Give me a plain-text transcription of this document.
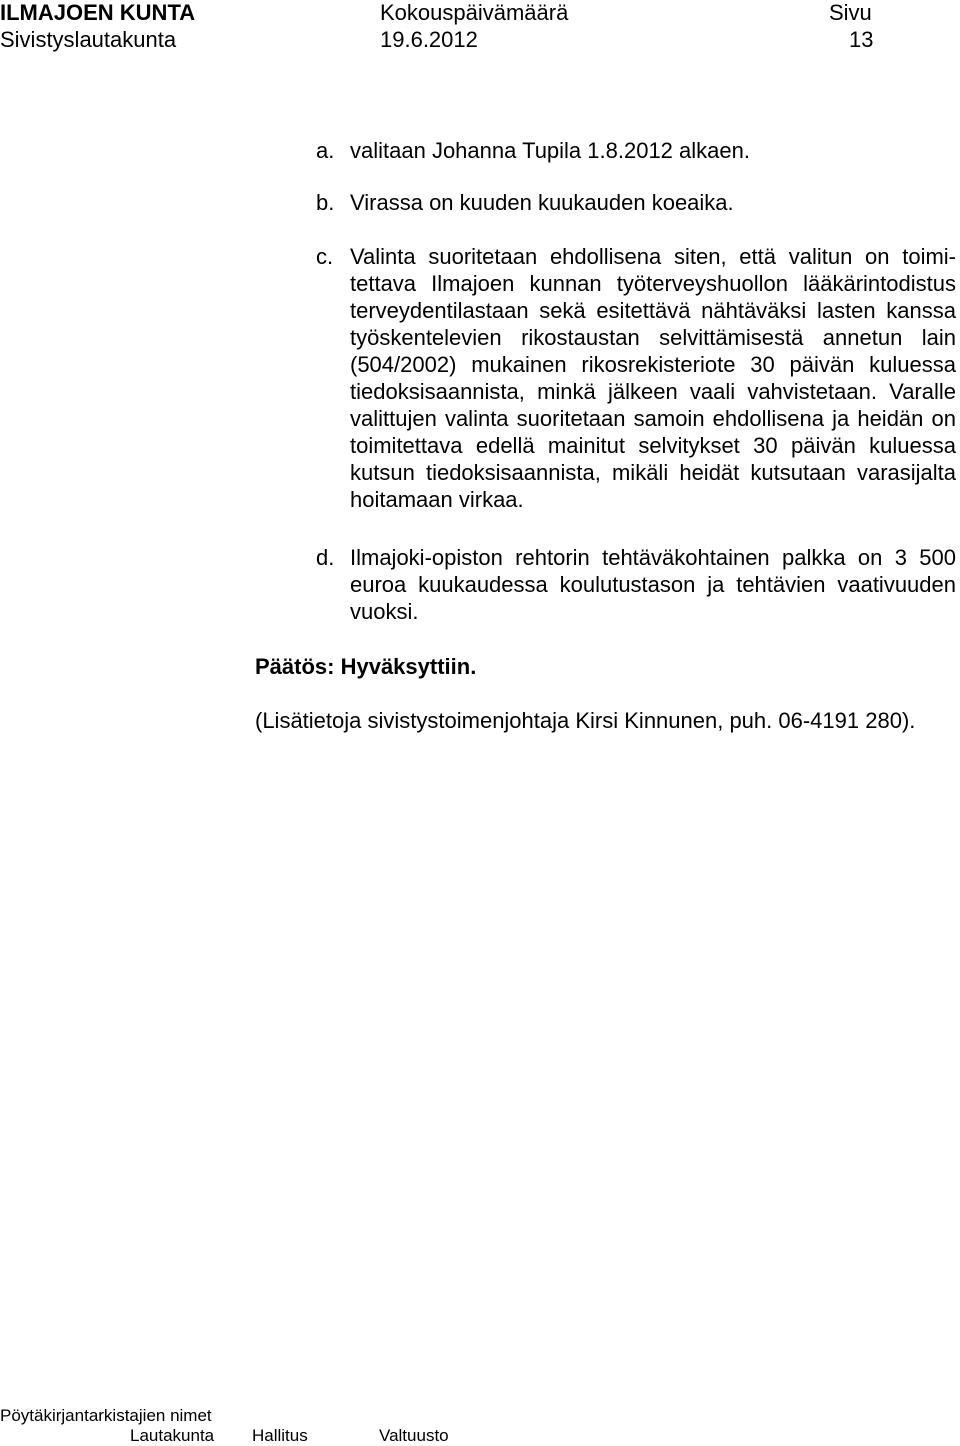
ILMAJOEN KUNTA
Sivistyslautakunta
Kokouspäivämäärä
19.6.2012
Sivu
13
a. valitaan Johanna Tupila 1.8.2012 alkaen.
b. Virassa on kuuden kuukauden koeaika.
c. Valinta suoritetaan ehdollisena siten, että valitun on toimitettava Ilmajoen kunnan työterveyshuollon lääkärintodistus terveydentilastaan sekä esitettävä nähtäväksi lasten kanssa työskentelevien rikostaustan selvittämisestä annetun lain (504/2002) mukainen rikosrekisteriote 30 päivän kuluessa tiedoksisaannista, minkä jälkeen vaali vahvistetaan. Varalle valittujen valinta suoritetaan samoin ehdollisena ja heidän on toimitettava edellä mainitut selvitykset 30 päivän kuluessa kutsun tiedoksisaannista, mikäli heidät kutsutaan varasijalta hoitamaan virkaa.
d. Ilmajoki-opiston rehtorin tehtäväkohtainen palkka on 3 500 euroa kuukaudessa koulutustason ja tehtävien vaativuuden vuoksi.
Päätös: Hyväksyttiin.
(Lisätietoja sivistystoimenjohtaja Kirsi Kinnunen, puh. 06-4191 280).
Pöytäkirjantarkistajien nimet
Lautakunta Hallitus	Valtuusto
